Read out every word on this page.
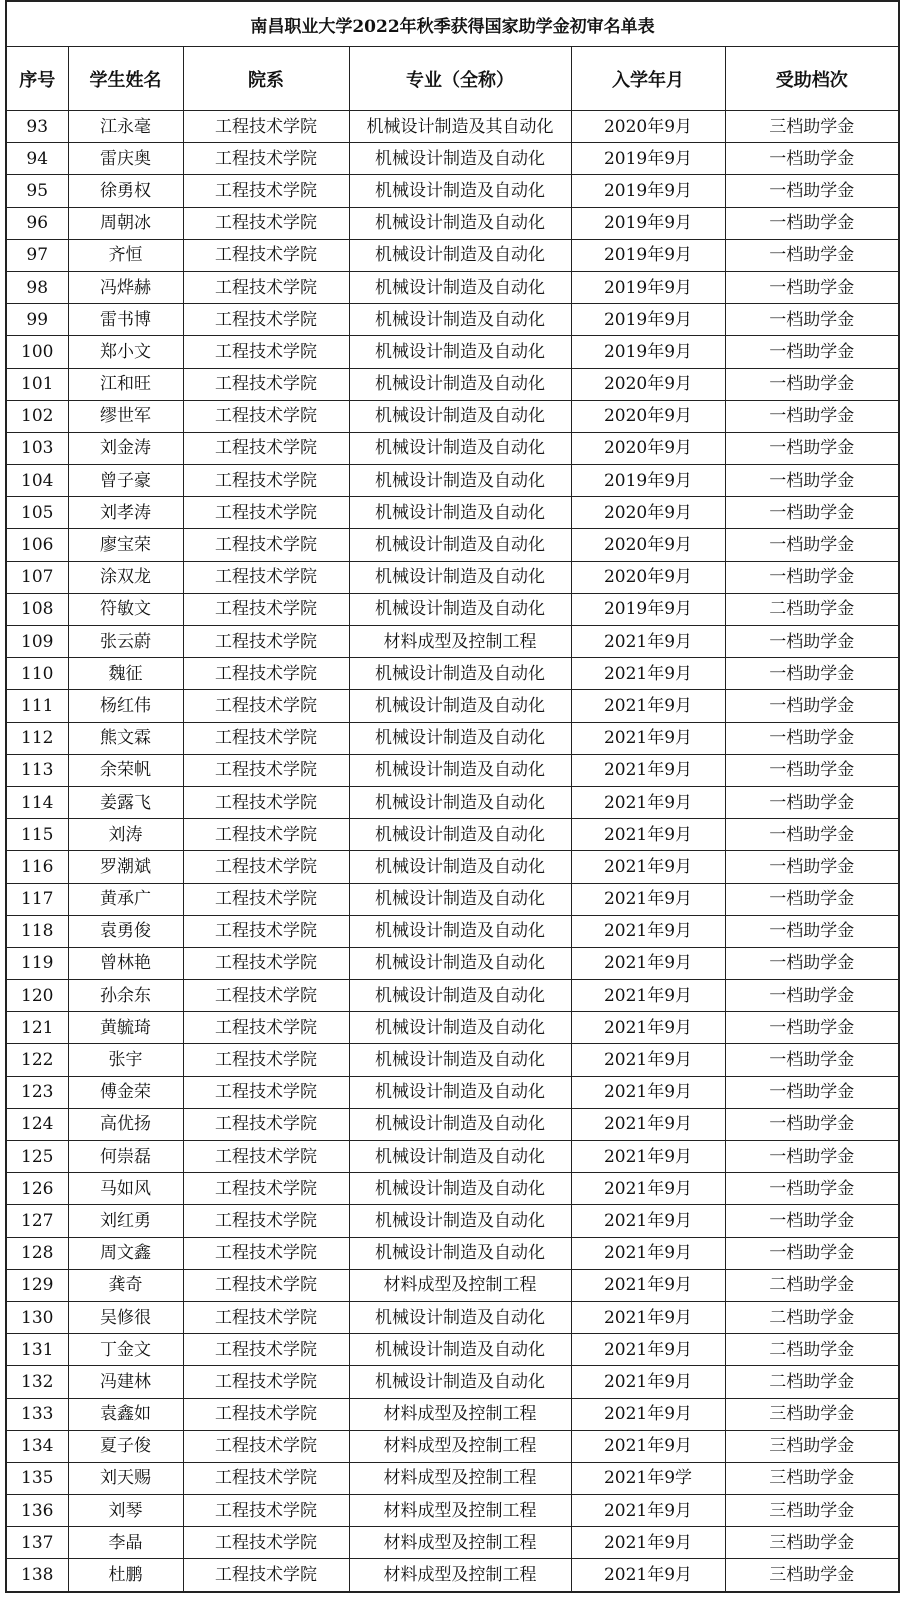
南昌职业大学2022年秋季获得国家助学金初审名单表					
序号	学生姓名	院系	专业（全称）	入学年月	受助档次
93	江永毫	工程技术学院	机械设计制造及其自动化	2020年9月	三档助学金
94	雷庆奥	工程技术学院	机械设计制造及自动化	2019年9月	一档助学金
95	徐勇权	工程技术学院	机械设计制造及自动化	2019年9月	一档助学金
96	周朝冰	工程技术学院	机械设计制造及自动化	2019年9月	一档助学金
97	齐恒	工程技术学院	机械设计制造及自动化	2019年9月	一档助学金
98	冯烨赫	工程技术学院	机械设计制造及自动化	2019年9月	一档助学金
99	雷书博	工程技术学院	机械设计制造及自动化	2019年9月	一档助学金
100	郑小文	工程技术学院	机械设计制造及自动化	2019年9月	一档助学金
101	江和旺	工程技术学院	机械设计制造及自动化	2020年9月	一档助学金
102	缪世军	工程技术学院	机械设计制造及自动化	2020年9月	一档助学金
103	刘金涛	工程技术学院	机械设计制造及自动化	2020年9月	一档助学金
104	曾子豪	工程技术学院	机械设计制造及自动化	2019年9月	一档助学金
105	刘孝涛	工程技术学院	机械设计制造及自动化	2020年9月	一档助学金
106	廖宝荣	工程技术学院	机械设计制造及自动化	2020年9月	一档助学金
107	涂双龙	工程技术学院	机械设计制造及自动化	2020年9月	一档助学金
108	符敏文	工程技术学院	机械设计制造及自动化	2019年9月	二档助学金
109	张云蔚	工程技术学院	材料成型及控制工程	2021年9月	一档助学金
110	魏征	工程技术学院	机械设计制造及自动化	2021年9月	一档助学金
111	杨红伟	工程技术学院	机械设计制造及自动化	2021年9月	一档助学金
112	熊文霖	工程技术学院	机械设计制造及自动化	2021年9月	一档助学金
113	余荣帆	工程技术学院	机械设计制造及自动化	2021年9月	一档助学金
114	姜露飞	工程技术学院	机械设计制造及自动化	2021年9月	一档助学金
115	刘涛	工程技术学院	机械设计制造及自动化	2021年9月	一档助学金
116	罗潮斌	工程技术学院	机械设计制造及自动化	2021年9月	一档助学金
117	黄承广	工程技术学院	机械设计制造及自动化	2021年9月	一档助学金
118	袁勇俊	工程技术学院	机械设计制造及自动化	2021年9月	一档助学金
119	曾林艳	工程技术学院	机械设计制造及自动化	2021年9月	一档助学金
120	孙余东	工程技术学院	机械设计制造及自动化	2021年9月	一档助学金
121	黄毓琦	工程技术学院	机械设计制造及自动化	2021年9月	一档助学金
122	张宇	工程技术学院	机械设计制造及自动化	2021年9月	一档助学金
123	傅金荣	工程技术学院	机械设计制造及自动化	2021年9月	一档助学金
124	高优扬	工程技术学院	机械设计制造及自动化	2021年9月	一档助学金
125	何崇磊	工程技术学院	机械设计制造及自动化	2021年9月	一档助学金
126	马如风	工程技术学院	机械设计制造及自动化	2021年9月	一档助学金
127	刘红勇	工程技术学院	机械设计制造及自动化	2021年9月	一档助学金
128	周文鑫	工程技术学院	机械设计制造及自动化	2021年9月	一档助学金
129	龚奇	工程技术学院	材料成型及控制工程	2021年9月	二档助学金
130	吴修很	工程技术学院	机械设计制造及自动化	2021年9月	二档助学金
131	丁金文	工程技术学院	机械设计制造及自动化	2021年9月	二档助学金
132	冯建林	工程技术学院	机械设计制造及自动化	2021年9月	二档助学金
133	袁鑫如	工程技术学院	材料成型及控制工程	2021年9月	三档助学金
134	夏子俊	工程技术学院	材料成型及控制工程	2021年9月	三档助学金
135	刘天赐	工程技术学院	材料成型及控制工程	2021年9学	三档助学金
136	刘琴	工程技术学院	材料成型及控制工程	2021年9月	三档助学金
137	李晶	工程技术学院	材料成型及控制工程	2021年9月	三档助学金
138	杜鹏	工程技术学院	材料成型及控制工程	2021年9月	三档助学金
